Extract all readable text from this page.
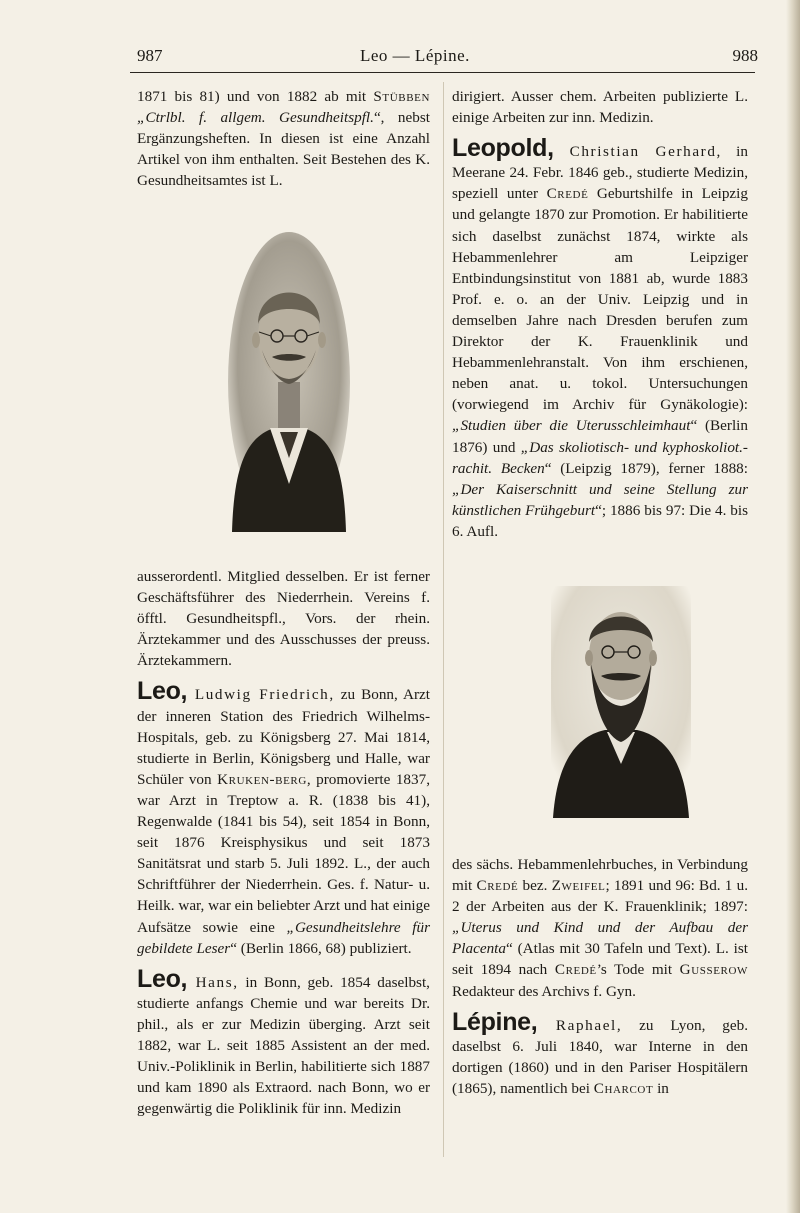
987	Leo — Lépine.	988

1871 bis 81) und von 1882 ab mit Stübben „Ctrlbl. f. allgem. Gesundheitspfl.“, nebst Ergänzungsheften. In diesen ist eine Anzahl Artikel von ihm enthalten. Seit Bestehen des K. Gesundheitsamtes ist L.

ausserordentl. Mitglied desselben. Er ist ferner Geschäftsführer des Niederrhein. Vereins f. öfftl. Gesundheitspfl., Vors. der rhein. Ärztekammer und des Ausschusses der preuss. Ärztekammern.

Leo, Ludwig Friedrich, zu Bonn, Arzt der inneren Station des Friedrich Wilhelms-Hospitals, geb. zu Königsberg 27. Mai 1814, studierte in Berlin, Königsberg und Halle, war Schüler von Kruken-berg, promovierte 1837, war Arzt in Treptow a. R. (1838 bis 41), Regenwalde (1841 bis 54), seit 1854 in Bonn, seit 1876 Kreisphysikus und seit 1873 Sanitätsrat und starb 5. Juli 1892. L., der auch Schriftführer der Niederrhein. Ges. f. Natur- u. Heilk. war, war ein beliebter Arzt und hat einige Aufsätze sowie eine „Gesundheitslehre für gebildete Leser“ (Berlin 1866, 68) publiziert.

Leo, Hans, in Bonn, geb. 1854 daselbst, studierte anfangs Chemie und war bereits Dr. phil., als er zur Medizin überging. Arzt seit 1882, war L. seit 1885 Assistent an der med. Univ.-Poliklinik in Berlin, habilitierte sich 1887 und kam 1890 als Extraord. nach Bonn, wo er gegenwärtig die Poliklinik für inn. Medizin

dirigiert. Ausser chem. Arbeiten publizierte L. einige Arbeiten zur inn. Medizin.

Leopold, Christian Gerhard, in Meerane 24. Febr. 1846 geb., studierte Medizin, speziell unter Credé Geburtshilfe in Leipzig und gelangte 1870 zur Promotion. Er habilitierte sich daselbst zunächst 1874, wirkte als Hebammenlehrer am Leipziger Entbindungsinstitut von 1881 ab, wurde 1883 Prof. e. o. an der Univ. Leipzig und in demselben Jahre nach Dresden berufen zum Direktor der K. Frauenklinik und Hebammenlehranstalt. Von ihm erschienen, neben anat. u. tokol. Untersuchungen (vorwiegend im Archiv für Gynäkologie): „Studien über die Uterusschleimhaut“ (Berlin 1876) und „Das skoliotisch- und kyphoskoliot.-rachit. Becken“ (Leipzig 1879), ferner 1888: „Der Kaiserschnitt und seine Stellung zur künstlichen Frühgeburt“; 1886 bis 97: Die 4. bis 6. Aufl.

des sächs. Hebammenlehrbuches, in Verbindung mit Credé bez. Zweifel; 1891 und 96: Bd. 1 u. 2 der Arbeiten aus der K. Frauenklinik; 1897: „Uterus und Kind und der Aufbau der Placenta“ (Atlas mit 30 Tafeln und Text). L. ist seit 1894 nach Credé’s Tode mit Gusserow Redakteur des Archivs f. Gyn.

Lépine, Raphael, zu Lyon, geb. daselbst 6. Juli 1840, war Interne in den dortigen (1860) und in den Pariser Hospitälern (1865), namentlich bei Charcot in
